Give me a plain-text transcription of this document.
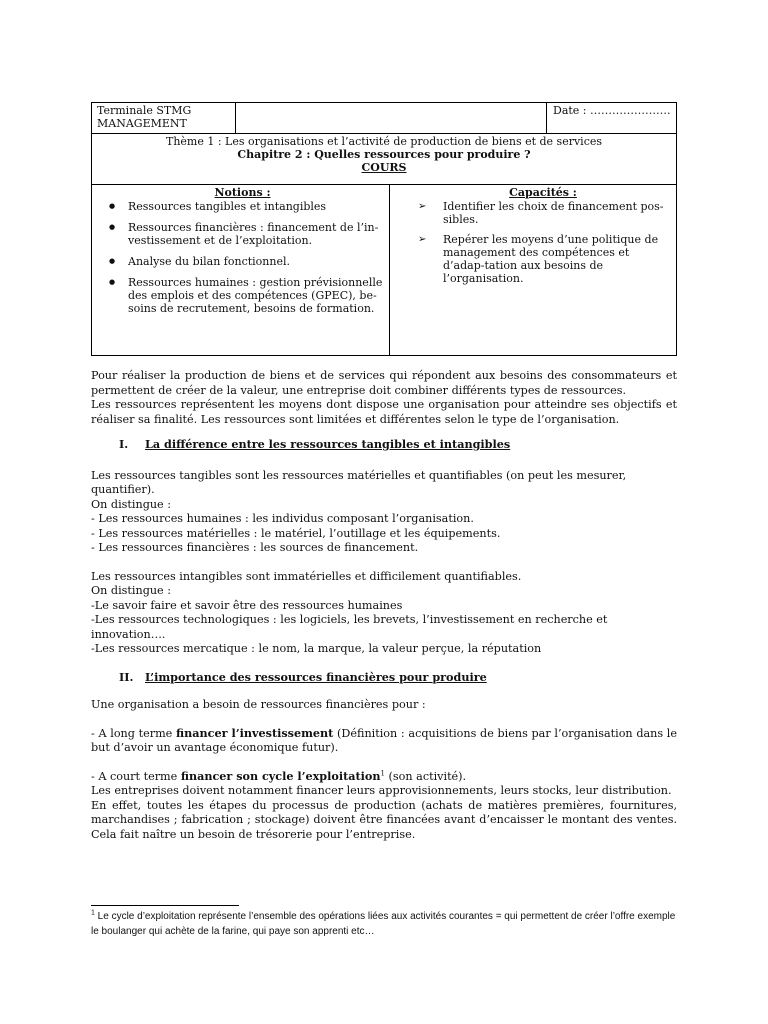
Terminale STMG
MANAGEMENT
Date : ………………….
Thème 1 : Les organisations et l’activité de production de biens et de services
Chapitre 2 : Quelles ressources pour produire ?
COURS
Notions :
● Ressources tangibles et intangibles
● Ressources financières : financement de l’in-vestissement et de l’exploitation.
● Analyse du bilan fonctionnel.
● Ressources humaines : gestion prévisionnelle des emplois et des compétences (GPEC), be-soins de recrutement, besoins de formation.
Capacités :
➢ Identifier les choix de financement pos-sibles.
➢ Repérer les moyens d’une politique de management des compétences et d’adap-tation aux besoins de l’organisation.

Pour réaliser la production de biens et de services qui répondent aux besoins des consommateurs et permettent de créer de la valeur, une entreprise doit combiner différents types de ressources.

Les ressources représentent les moyens dont dispose une organisation pour atteindre ses objectifs et réaliser sa finalité. Les ressources sont limitées et différentes selon le type de l’organisation.

I. La différence entre les ressources tangibles et intangibles

Les ressources tangibles sont les ressources matérielles et quantifiables (on peut les mesurer, quantifier).

On distingue :

- Les ressources humaines : les individus composant l’organisation.

- Les ressources matérielles : le matériel, l’outillage et les équipements.

- Les ressources financières : les sources de financement.

Les ressources intangibles sont immatérielles et difficilement quantifiables.

On distingue :

-Le savoir faire et savoir être des ressources humaines

-Les ressources technologiques : les logiciels, les brevets, l’investissement en recherche et innovation….

-Les ressources mercatique : le nom, la marque, la valeur perçue, la réputation

II. L’importance des ressources financières pour produire

Une organisation a besoin de ressources financières pour :

- A long terme financer l’investissement (Définition : acquisitions de biens par l’organisation dans le but d’avoir un avantage économique futur).

- A court terme financer son cycle l’exploitation$^1$ (son activité).

Les entreprises doivent notamment financer leurs approvisionnements, leurs stocks, leur distribution.

En effet, toutes les étapes du processus de production (achats de matières premières, fournitures, marchandises ; fabrication ; stockage) doivent être financées avant d’encaisser le montant des ventes. Cela fait naître un besoin de trésorerie pour l’entreprise.

$^1$ Le cycle d’exploitation représente l’ensemble des opérations liées aux activités courantes = qui permettent de créer l’offre exemple le boulanger qui achète de la farine, qui paye son apprenti etc…
